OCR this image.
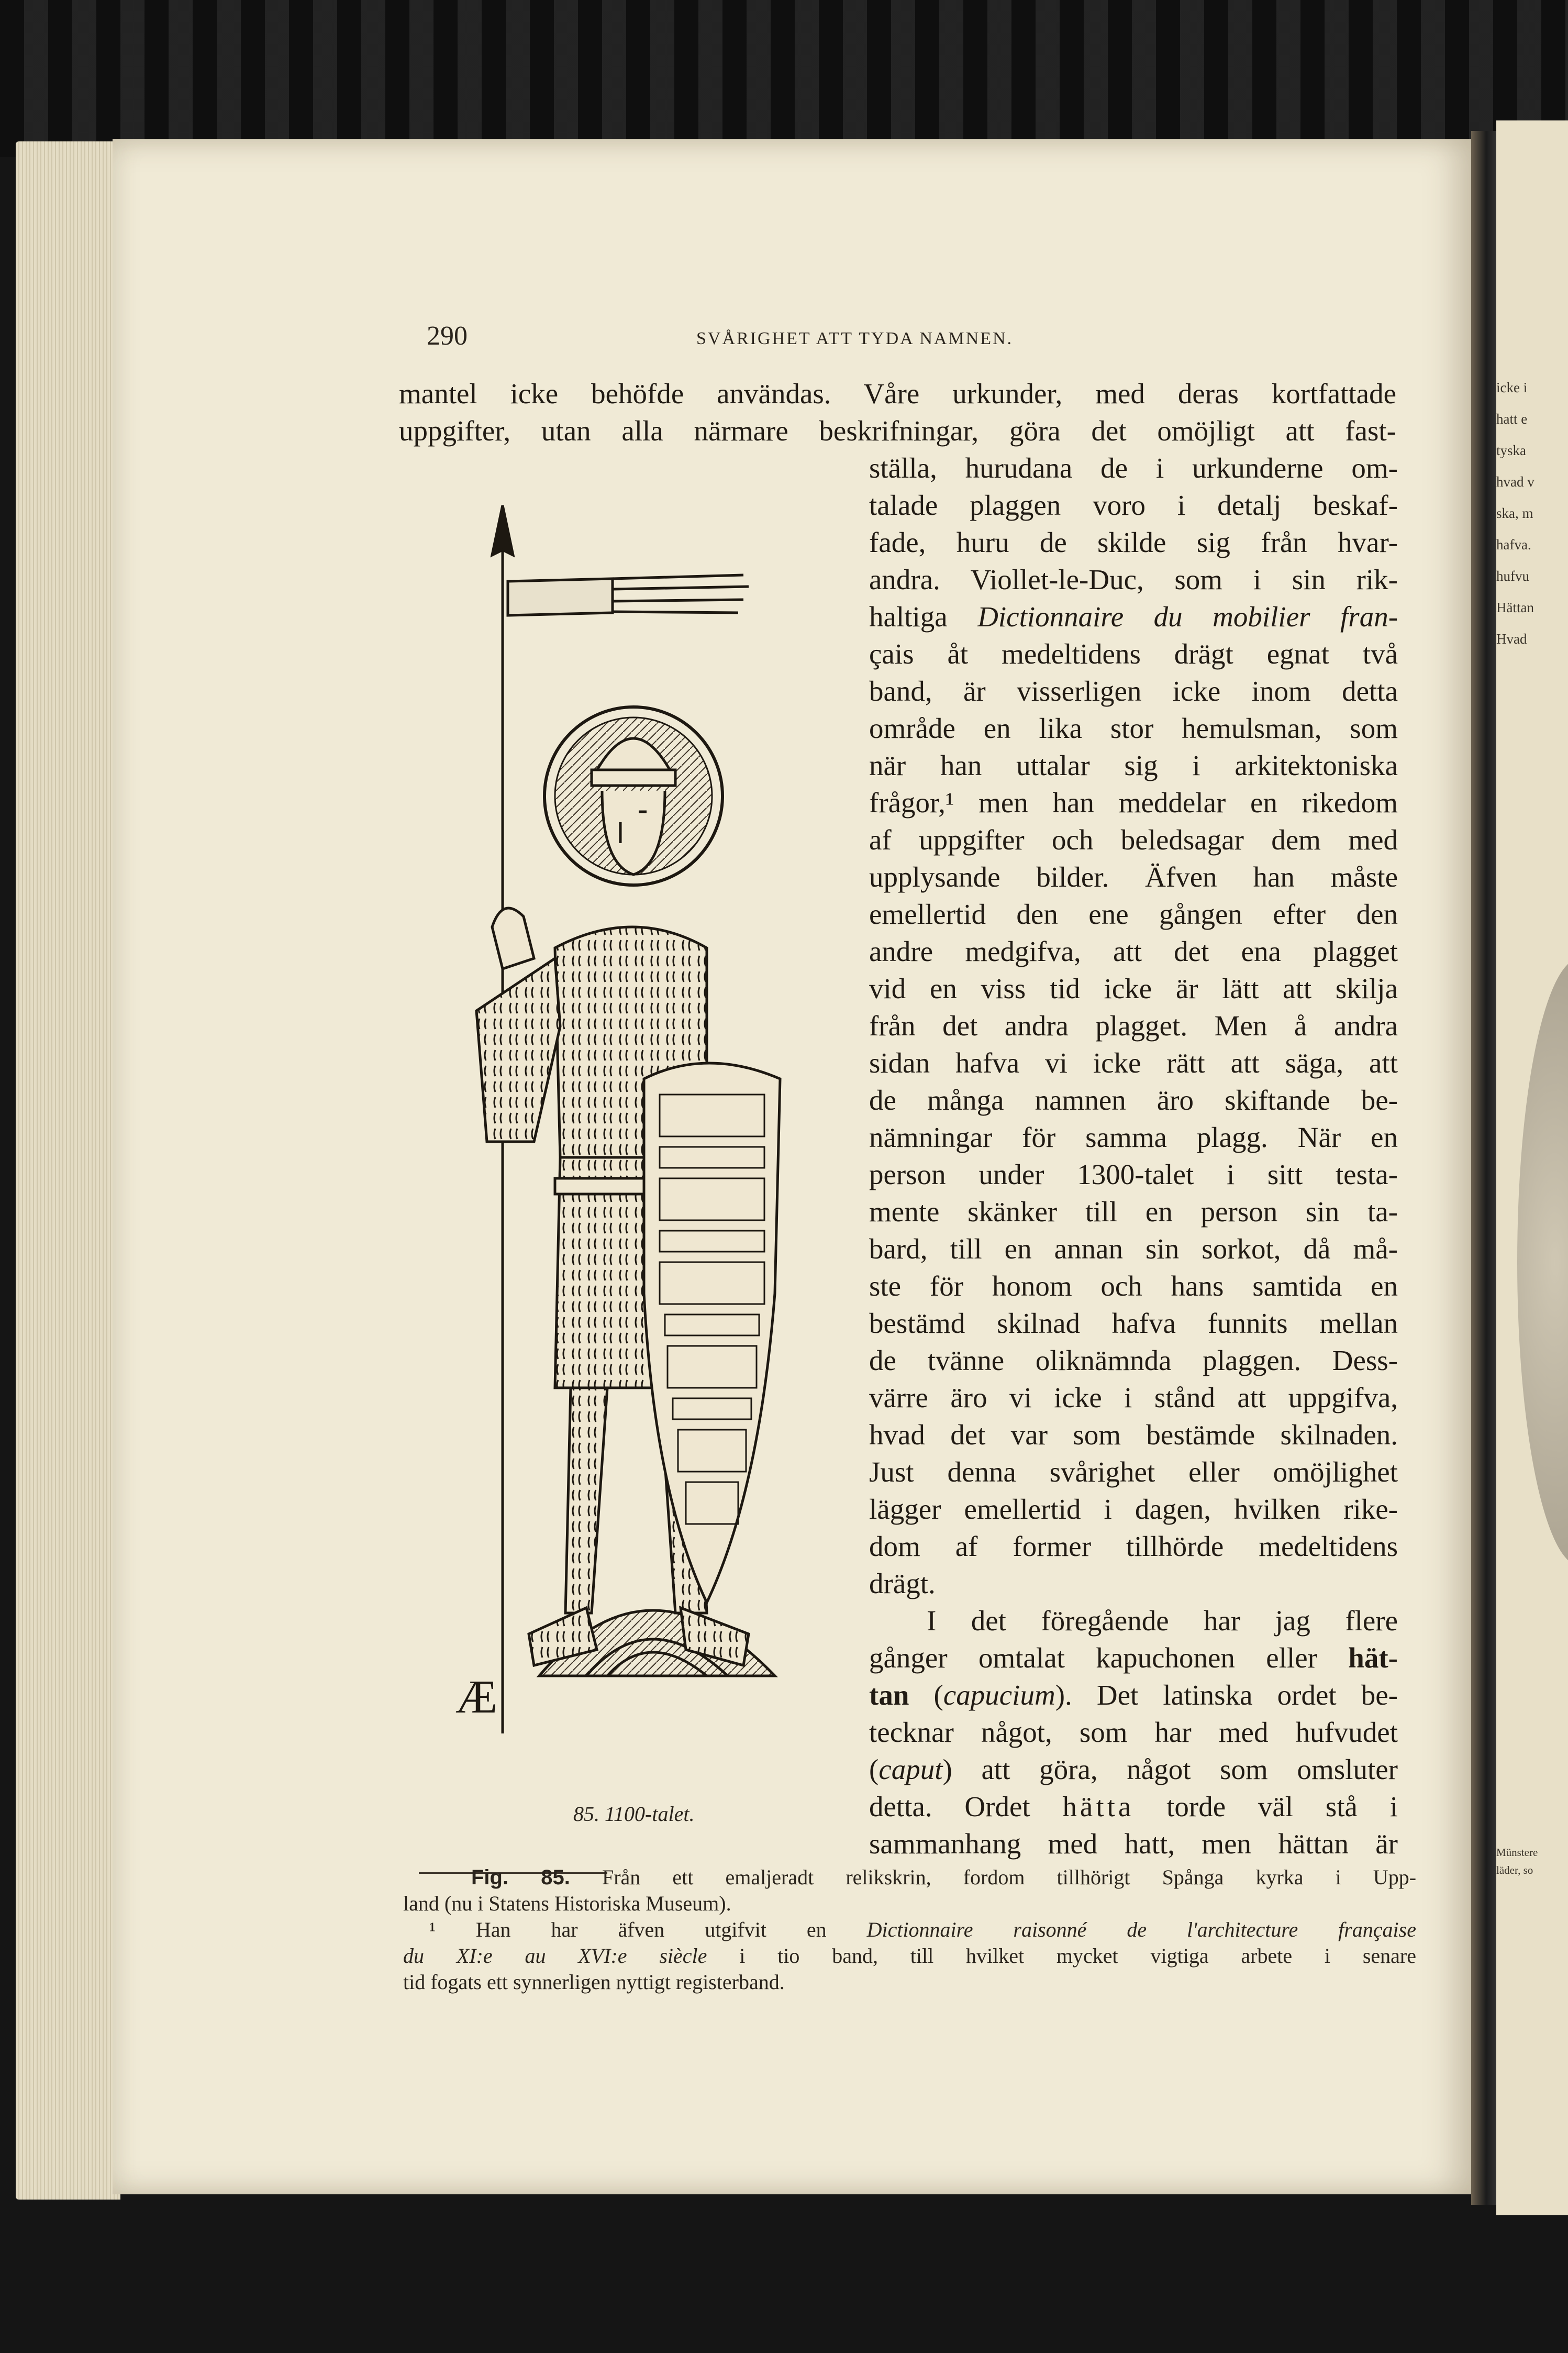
icke i
hatt e
tyska
hvad v
ska, m
hafva.
hufvu
Hättan
Hvad
Münstere
läder, so
290	SVÅRIGHET ATT TYDA NAMNEN.
mantel icke behöfde användas. Våre urkunder, med deras kortfattade
uppgifter, utan alla närmare beskrifningar, göra det omöjligt att fast-
ställa, hurudana de i urkunderne om-
talade plaggen voro i detalj beskaf-
fade, huru de skilde sig från hvar-
andra. Viollet-le-Duc, som i sin rik-
haltiga Dictionnaire du mobilier fran-
çais åt medeltidens drägt egnat två
band, är visserligen icke inom detta
område en lika stor hemulsman, som
när han uttalar sig i arkitektoniska
frågor,¹ men han meddelar en rikedom
af uppgifter och beledsagar dem med
upplysande bilder. Äfven han måste
emellertid den ene gången efter den
andre medgifva, att det ena plagget
vid en viss tid icke är lätt att skilja
från det andra plagget. Men å andra
sidan hafva vi icke rätt att säga, att
de många namnen äro skiftande be-
nämningar för samma plagg. När en
person under 1300-talet i sitt testa-
mente skänker till en person sin ta-
bard, till en annan sin sorkot, då må-
ste för honom och hans samtida en
bestämd skilnad hafva funnits mellan
de tvänne oliknämnda plaggen. Dess-
värre äro vi icke i stånd att uppgifva,
hvad det var som bestämde skilnaden.
Just denna svårighet eller omöjlighet
lägger emellertid i dagen, hvilken rike-
dom af former tillhörde medeltidens
drägt.
I det föregående har jag flere
gånger omtalat kapuchonen eller hät-
tan (capucium). Det latinska ordet be-
tecknar något, som har med hufvudet
(caput) att göra, något som omsluter
detta. Ordet hätta torde väl stå i
sammanhang med hatt, men hättan är
Æ
85. 1100-talet.
Fig. 85. Från ett emaljeradt relikskrin, fordom tillhörigt Spånga kyrka i Upp-
land (nu i Statens Historiska Museum).
¹ Han har äfven utgifvit en Dictionnaire raisonné de l'architecture française
du XI:e au XVI:e siècle i tio band, till hvilket mycket vigtiga arbete i senare
tid fogats ett synnerligen nyttigt registerband.
